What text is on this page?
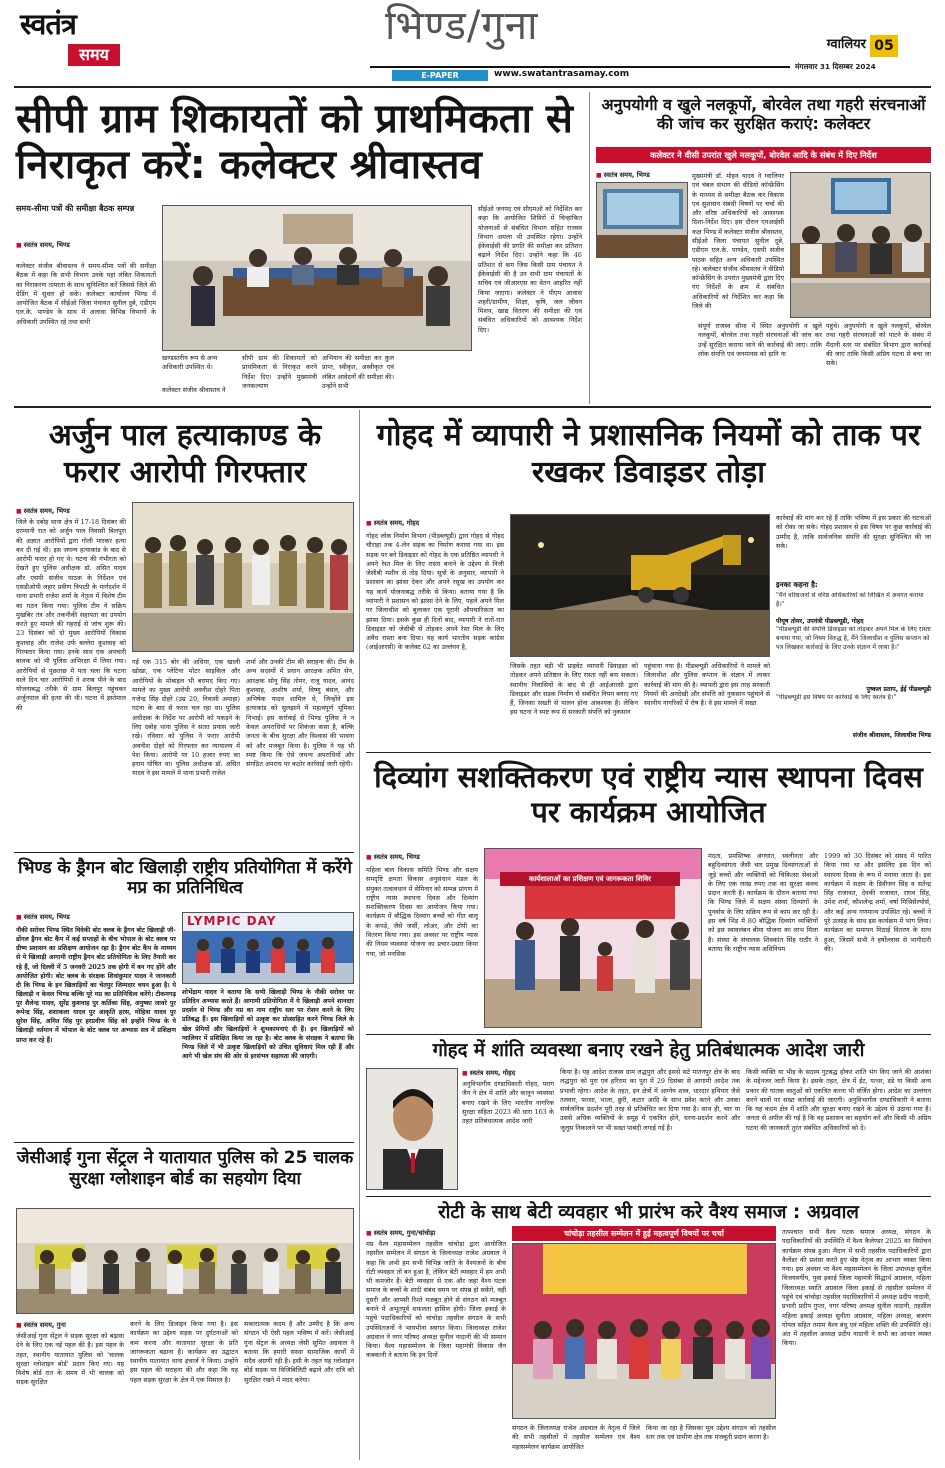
स्वतंत्र
समय
भिण्ड/गुना
E-PAPER	www.swatantrasamay.com
ग्वालियर 05
मंगलवार 31 दिसम्बर 2024
सीपी ग्राम शिकायतों को प्राथमिकता से निराकृत करें: कलेक्टर श्रीवास्तव
समय-सीमा पत्रों की समीक्षा बैठक सम्पन्न
■ स्वतंत्र समय, भिण्ड
कलेक्टर संजीव श्रीवास्तव ने समय-सीमा पत्रों की समीक्षा बैठक में कहा कि सभी विभाग उनके यहां लंबित शिकायतों का निराकरण तत्परता के साथ सुनिश्चित करें जिससे जिले की ग्रेडिंग में सुधार हो सके। कलेक्टर कार्यालय भिण्ड में आयोजित बैठक में सीईओ जिला पंचायत सुनील दुबे, एडीएम एल.के. पाण्डेय के साथ में अलावा विभिन्न विभागों के अधिकारी उपस्थित रहे तथा सभी
खण्डस्तरीय रूप से अन्य अधिकारी उपस्थित थे।
कलेक्टर संजीव श्रीवास्तव ने
सीपी ग्राम की शिकायतों को प्राथमिकता से निराकृत करने निर्देश दिए। उन्होंने मुख्यमंत्री जनकल्याण
अभियान की समीक्षा कर कुल प्राप्त, स्वीकृत, अस्वीकृत एवं लंबित आवेदनों की समीक्षा की। उन्होंने सभी
सीईओ जनपद एवं सीएमओ को निर्देशित कर कहा कि आयोजित शिविरों में चिन्हांकित योजनाओं से संबंधित विभाग सहित राजस्व विभाग अमला भी उपस्थित रहेगा। उन्होंने ईकेवाईसी की प्रगति की समीक्षा कर प्रतिशत बढ़ाने निर्देश दिए। उन्होंने कहा कि 46 प्रतिशत से कम जिस किसी ग्राम पंचायत ने ईकेवाईसी की है उन सभी ग्राम पंचायतों के सचिव एवं जीआरएस का वेतन आहरित नहीं किया जाएगा। कलेक्टर ने पीएम आवास शहरी/ग्रामीण, शिक्षा, कृषि, जल जीवन मिशन, खाद्य वितरण की समीक्षा की एवं संबंधित अधिकारियों को आवश्यक निर्देश दिए।
अनुपयोगी व खुले नलकूपों, बोरवेल तथा गहरी संरचनाओं की जांच कर सुरक्षित कराएं: कलेक्टर
कलेक्टर ने वीसी उपरांत खुले नलकूपों, बोरवेल आदि के संबंध में दिए निर्देश
■ स्वतंत्र समय, भिण्ड	मुख्यमंत्री डॉ. मोहन यादव ने ग्वालियर एवं चंबल संभाग की वीडियो कॉन्फ्रेंसिंग के माध्यम से समीक्षा बैठक कर विकास एवं सुशासन संबंधी विषयों पर चर्चा की और वरिष्ठ अधिकारियों को आवश्यक दिशा-निर्देश दिए। इस दौरान एनआईसी कक्ष भिण्ड में कलेक्टर संजीव श्रीवास्तव, सीईओ जिला पंचायत सुनील दुबे, एडीएम एल.के. पाण्डेय, एसपी संजीव पाठक सहित अन्य अधिकारी उपस्थित रहे। कलेक्टर संजीव श्रीवास्तव ने वीडियो कॉन्फ्रेंसिंग के उपरांत मुख्यमंत्री द्वारा दिए गए निर्देशों के क्रम में संबंधित अधिकारियों को निर्देशित कर कहा कि जिले की
संपूर्ण राजस्व सीमा में स्थित अनुपयोगी व खुले नलकूपों, बोरवेल तथा गहरी संरचनाओं की जांच कर उन्हें सुरक्षित कराया जाने की कार्रवाई की जाए। ताकि लोक संपत्ति एवं जनमानस को हानि ना
पहुंचे। अनुपयोगी व खुले नलकूपों, बोरवेल तथा गहरी संरचनाओं को पाटने के संबंध में मैदानी स्तर पर संबंधित विभाग द्वारा कार्रवाई की जाए ताकि किसी अप्रिय घटना से बचा जा सके।
अर्जुन पाल हत्याकाण्ड के फरार आरोपी गिरफ्तार
■ स्वतंत्र समय, भिण्ड
जिले के दबोह थाना क्षेत्र में 17-18 दिसंबर की दरम्यानी रात को अर्जुन पाल निवासी बिलपुरा की अज्ञात आरोपियों द्वारा गोली मारकर हत्या कर दी गई थी। इस जघन्य हत्याकांड के बाद से आरोपी फरार हो गए थे। घटना की गंभीरता को देखते हुए पुलिस अधीक्षक डॉ. असित यादव और एसपी संजीव पाठक के निर्देशन एवं एसडीओपी लहार प्रवीण त्रिपाठी के मार्गदर्शन में थाना प्रभारी राजेश शर्मा के नेतृत्व में विशेष टीम का गठन किया गया। पुलिस टीम ने सक्रिय मुखबिर तंत्र और तकनीकी सहायता का उपयोग करते हुए मामले की गहराई से जांच शुरू की। 23 दिसंबर को दो मुख्य आरोपियों विकास कुशवाह और राजेश उर्फ बल्लेरा कुशवाह को गिरफ्तार किया गया। इनके साथ एक अपचारी बालक को भी पुलिस अभिरक्षा में लिया गया। आरोपियों से पूछताछ में पता चला कि घटना वाले दिन चार आरोपियों ने शराब पीने के बाद योजनाबद्ध तरीके से ग्राम बिलपुर पहुंचकर अर्जुनपाल की हत्या की थी। घटना में इस्तेमाल की
गई एक 315 बोर की अधिया, एक खाली खोखा, एक प्लेटिना मोटर साइकिल और आरोपियों के मोबाइल भी बरामद किए गए। मामले का मुख्य आरोपी अवनीश दोहरे पिता गजेन्द्र सिंह दोहरे (उम्र 20, निवासी अमाहा) घटना के बाद से फरार चल रहा था। पुलिस अधीक्षक के निर्देश पर आरोपी को पकड़ने के लिए दबोह थाना पुलिस ने सतत प्रयास जारी रखे। रविवार को पुलिस ने फरार आरोपी अवनीश दोहरे को गिरफ्तार कर न्यायालय में पेश किया। आरोपी पर 10 हजार रुपए का इनाम घोषित था। पुलिस अधीक्षक डॉ. असित यादव ने इस मामले में थाना प्रभारी राजेश
शर्मा और उनकी टीम की सराहना की। टीम के अन्य सदस्यों में प्रधान आरक्षक अमित सेन, आरक्षक सोनू सिंह तोमर, राजू यादव, आनंद कुशवाह, आशीष शर्मा, विष्णु बंसल, और अभिषेक यादव शामिल थे, जिन्होंने इस हत्याकांड को सुलझाने में महत्वपूर्ण भूमिका निभाई। इस कार्रवाई से भिण्ड पुलिस ने न केवल अपराधियों पर शिकंजा कसा है, बल्कि जनता के बीच सुरक्षा और विश्वास की भावना को और मजबूत किया है। पुलिस ने यह भी स्पष्ट किया कि ऐसे जघन्य अपराधियों और संगठित अपराध पर कठोर कार्रवाई जारी रहेगी।
गोहद में व्यापारी ने प्रशासनिक नियमों को ताक पर रखकर डिवाइडर तोड़ा
■ स्वतंत्र समय, गोहद
गोहद लोक निर्माण विभाग (पीडब्ल्यूडी) द्वारा गोहद से गोहद चौराहा तक 4-लेन सड़क का निर्माण कराया गया था। इस सड़क पर बने डिवाइडर को गोहद के एक प्रतिष्ठित व्यापारी ने अपने रेस्त मिल के लिए रास्ता बनाने के उद्देश्य से निजी जेसीबी मशीन से तोड़ दिया। सूत्रों के अनुसार, व्यापारी ने प्रशासन का झांसा देकर और अपने रसूख का उपयोग कर यह कार्य योजनाबद्ध तरीके से किया। बताया गया है कि व्यापारी ने प्रशासन को झांसा देने के लिए, पहले अपने मिल पर जिलाधीश को बुलाकर एक पूरानी औपचारिकता का झांसा दिया। इसके कुछ ही दिनों बाद, व्यापारी ने रातों-रात डिवाइडर को जेसीबी से तोड़कर अपने रेस्त मिल के लिए अवैध रास्ता बना दिया। यह कार्य भारतीय सड़क कांग्रेस (आईआरसी) के कलेक्ट 62 का उल्लंघन है,
जिसके तहत बड़ी भी प्राइवेट व्यापारी डिवाइडर को तोड़कर अपने प्रतिष्ठान के लिए रास्ता नहीं बना सकता। स्थानीय निवासियों के बाद से ही आईआरसी द्वारा डिवाइडर और सड़क निर्माण से संबंधित नियम बनाए गए हैं, जिनका सख्ती से पालन होना आवश्यक है। लेकिन इस घटना ने स्पष्ट रूप से सरकारी संपत्ति को नुकसान
पहुंचाया गया है। पीडब्ल्यूडी अधिकारियों ने मामले को जिलाधीश और पुलिस कप्तान के संज्ञान में लाकर कार्रवाई की मांग की है। व्यापारी द्वारा इस तरह सरकारी नियमों की अनदेखी और संपत्ति को नुकसान पहुंचाने से स्थानीय नागरिकों में रोष है। वे इस मामले में सख्त
कार्रवाई की मांग कर रहे हैं ताकि भविष्य में इस प्रकार की घटनाओं को रोका जा सके। गोहद प्रशासन से इस विषय पर कुछ कार्रवाई की उम्मीद है, ताकि सार्वजनिक संपत्ति की सुरक्षा सुनिश्चित की जा सके।
इनका कहना है:
"मैंने वरिष्ठजनों से वरिष्ठ अधिकारियों को लिखित में अवगत कराया है।"
पीयूष तोमर, उपयंत्री पीडब्ल्यूडी, गोहद
"पीडब्ल्यूडी की संपत्ति डिवाइडर को तोड़कर अपने मिल के लिए रास्ता बनाया गया, जो नियम विरुद्ध है, मैंने जिलाधीश व पुलिस कप्तान को पत्र लिखकर कार्रवाई के लिए उनके संज्ञान में लाया है।"
पुष्कल प्रताप, ईई पीडब्ल्यूडी
"पीडब्ल्यूडी इस विषय पर कार्रवाई के लिए स्वतंत्र है।"
संजीव श्रीवास्तव, जिलाधीश भिण्ड
दिव्यांग सशक्तिकरण एवं राष्ट्रीय न्यास स्थापना दिवस पर कार्यक्रम आयोजित
■ स्वतंत्र समय, भिण्ड
महिला बाल विकास समिति भिण्ड और सक्षम समदृष्टि क्षमता विकास अनुसंधान मंडल के संयुक्त तत्वावधान में सेमिनार को सम्पन्न प्रांगण में राष्ट्रीय न्यास स्थापना दिवस और दिव्यांग सशक्तिकरण दिवस का आयोजन किया गया। कार्यक्रम में बौद्धिक दिव्यांग बच्चों को गीत बालू के कपड़े, जैसे जर्सी, लोअर, और टोपी का वितरण किया गया। इस अवसर पर राष्ट्रीय न्यास की नियम व्यवस्था योजना का प्रचार-प्रसार किया गया, जो मनसिक
कार्यशालाओं का प्रशिक्षण एवं जागरूकता शिविर
मंदता, प्रमस्तिष्क अंगघात, स्वलीनता और बहुदिव्यांगता जैसी चार प्रमुख दिव्यांगताओं से जुड़े बच्चों और व्यक्तियों को चिकित्सा सेवाओं के लिए एक लाख रुपए तक का सुरक्षा कवच प्रदान करती है। कार्यक्रम के दौरान बताया गया कि भिण्ड जिले में सक्षम संस्था दिव्यांगों के पुनर्वास के लिए सक्रिय रूप से काम कर रही है। इस वर्ष भिंड में 80 बौद्धिक दिव्यांग व्यक्तियों को इस स्वावलंबन बीमा योजना का लाभ मिला है। संस्था के संचालक शिवकांत सिंह राठौर ने बताया कि राष्ट्रीय न्यास अधिनियम
1999 को 30 दिसंबर को संसद में पारित किया गया था और इसलिए इस दिन को स्थापना दिवस के रूप में मनाया जाता है। इस कार्यक्रम में सक्षम के डिवीजन सिंह व सतेन्द्र सिंह राजावत, देवकी राजावत, राघव सिंह, उमेश शर्मा, कौशलेन्द्र शर्मा, वर्षा मिश्रिसेल्पोर्स, और कई अन्य गणमान्य उपस्थित रहे। बच्चों ने पूरे उत्साह के साथ इस कार्यक्रम में भाग लिया। कार्यक्रम का समापन मिठाई वितरण के साथ हुआ, जिसमें सभी ने हर्षोल्लास से भागीदारी की।
भिण्ड के ड्रैगन बोट खिलाड़ी राष्ट्रीय प्रतियोगिता में करेंगे मप्र का प्रतिनिधित्व
■ स्वतंत्र समय, भिण्ड
नौकी सरोवर भिण्ड स्थित विवेकी बोट क्लब के ड्रैगन बोट खिलाड़ी जी-डोंगल ड्रैगन बोट कैंप में कई सप्ताहों के बीच भोपाल के बोट क्लब पर ग्रीष्म प्रशासन का प्रशिक्षण आयोजन रहा है। ड्रैगन बोट कैंप के माध्यम से ये खिलाड़ी आगामी राष्ट्रीय ड्रैगन बोट प्रतियोगिता के लिए तैयारी कर रहे हैं, जो दिल्ली में 5 जनवरी 2025 तक होगी में बन गए होंगे और आयोजित होगी। बोट क्लब के संरक्षक शिवांकुमार यादव ने जानकारी दी कि भिण्ड के इन खिलाड़ियों का चेतपुर जिम्मदार चयन हुआ है। ये खिलाड़ी न केवल भिण्ड बल्कि पूरे मप्र का प्रतिनिधित्व करेंगे। टीकमगढ़ पुर शैलेन्द्र यादव, सुरेंद्र कुशवाह पुर कर्तिका सिंह, अनुष्का जावरे पुर रूपेन्द्र सिंह, शशाकला यादव पुर आकृति हरस, मोहित्रा यादव पुर सुरेश सिंह, अमित सिंह पुर हरप्रवीण सिंह को इन्होंने भिण्ड के ये खिलाड़ी वर्तमान में भोपाल के बोट क्लब पर अभ्यास सत्र में प्रशिक्षण प्राप्त कर रहे हैं।
LYMPIC DAY
शोभेंद्राम यादव ने बताया कि सभी खिलाड़ी भिण्ड के नौकी सरोवर पर प्रतिदिन अभ्यास करते हैं। आगामी प्रतियोगिता में ये खिलाड़ी अपने शानदार प्रदर्शन से भिण्ड और मप्र का नाम राष्ट्रीय स्तर पर रोशन करने के लिए प्रतिबद्ध हैं। इस खिलाड़ियों को उत्कृष्ट कर प्रोत्साहित करने भिण्ड जिले के खेल प्रेमियों और खिलाड़ियों ने शुभकामनाएं दी हैं। इन खिलाड़ियों को ग्वालियर में प्रशिक्षित किया जा रहा है। बोट क्लब के संरक्षक ने बताया कि भिण्ड जिले में भी उत्कृष्ट खिलाड़ियों को उचित सुविधाएं मिल रही हैं और आगे भी खेल संघ की ओर से हरसंभव सहायता की जाएगी।
जेसीआई गुना सेंट्रल ने यातायात पुलिस को 25 चालक सुरक्षा ग्लोशाइन बोर्ड का सहयोग दिया
■ स्वतंत्र समय, गुना
जेसीआई गुना सेंट्रल ने सड़क सुरक्षा को बढ़ावा देने के लिए एक नई पहल की है। इस पहल के तहत, स्थानीय यातायात पुलिस को 'चालक सुरक्षा ग्लोशाइन बोर्ड' प्रदान किए गए। यह विशेष बोर्ड रात के समय में भी चालक को सड़क सुरक्षित
करने के लिए डिजाइन किया गया है। इस कार्यक्रम का उद्देश्य सड़क पर दुर्घटनाओं को कम करना और यातायात सुरक्षा के प्रति जागरूकता बढ़ाना है। कार्यक्रम का उद्घाटन स्थानीय यातायात थाना इंचार्ज ने किया। उन्होंने इस पहल की सराहना की और कहा कि यह पहल सड़क सुरक्षा के क्षेत्र में एक मिसाल है।
सकारात्मक कदम है और उम्मीद है कि अन्य संगठन भी ऐसी पहल भविष्य में करें। जेसीआई गुना सेंट्रल के अध्यक्ष जेसी सुमित अग्रवाल ने बताया कि हमारी संस्था सामाजिक कार्यों में सदैव अग्रणी रही है। इसी के तहत यह ग्लोशाइन बोर्ड सड़क पर विजिबिलिटी बढ़ाने और रात्रि को सुरक्षित रखने में मदद करेगा।
गोहद में शांति व्यवस्था बनाए रखने हेतु प्रतिबंधात्मक आदेश जारी
■ स्वतंत्र समय, गोहद
अनुविभागीय दण्डाधिकारी गोहद, पराग जैन ने क्षेत्र में शांति और कानून व्यवस्था बनाए रखने के लिए भारतीय नागरिक सुरक्षा संहिता 2023 की धारा 163 के तहत प्रतिबंधात्मक आदेश जारी
किया है। यह आदेश राजस्व ग्राम लद्धपुरा और इससे सटे मातनपुर क्षेत्र के बाद लद्धपुरा को पुरा एवं हरिराम का पुरा में 29 दिसंबर से आगामी आदेश तक प्रभावी रहेगा। आदेश के तहत, इन क्षेत्रों में आग्नेय शस्त्र, धारदार हथियार जैसे तलवार, फरसा, भाला, छुरी, कटार आदि के साथ प्रवेश करने और उनका सार्वजनिक प्रदर्शन पूरी तरह से प्रतिबंधित कर दिया गया है। साथ ही, चार या उससे अधिक व्यक्तियों के समूह में एकत्रित होने, धरना-प्रदर्शन करने और जुलूस निकालने पर भी सख्त पाबंदी लगाई गई है।
किसी व्यक्ति या भीड़ के सदस्य गुटबद्ध होकर शांति भंग किए जाने की आशंका के मद्देनजर जारी किया है। इसके तहत, क्षेत्र में ईंट, पत्थर, डंडे या किसी अन्य प्रकार की घातक वस्तुओं को एकत्रित करना भी वर्जित होगा। आदेश का उल्लंघन करने वालों पर सख्त कार्रवाई की जाएगी। अनुविभागीय दण्डाधिकारी ने बताया कि यह कदम क्षेत्र में शांति और सुरक्षा बनाए रखने के उद्देश्य से उठाया गया है। जनता से अपील की गई है कि वह प्रशासन का सहयोग करें और किसी भी अप्रिय घटना की जानकारी तुरंत संबंधित अधिकारियों को दें।
रोटी के साथ बेटी व्यवहार भी प्रारंभ करे वैश्य समाज : अग्रवाल
■ स्वतंत्र समय, गुना/चांचोड़ा
मप्र वैश्य महासम्मेलन तहसील चांचोड़ा द्वारा आयोजित तहसील सम्मेलन में संगठन के जिलाध्यक्ष राजेश अग्रवाल ने कहा कि अभी हम सभी विभिन्न जाति के वैश्यजनों के बीच रोटी व्यवहार तो बन हुआ है, लेकिन बेटी व्यवहार में हम अभी भी कमजोर हैं। बेटी व्यवहार से एक और जहां वैश्य घटक समाज के बच्चों के शादी संबंध समय पर संपन्न हो सकेंगे, वहीं दूसरी और आपसी रिश्ते मजबूत होने से संगठन को मजबूत बनाने में अभूतपूर्व सफलता हासिल होगी। जिला इकाई के पहुंचे पदाधिकारियों को चांचोड़ा तहसील संगठन के सभी उपस्थितजनों ने भावभीना स्वागत किया। जिलाध्यक्ष राजेश अग्रवाल ने नगर परिषद अध्यक्ष सुनील नादानी की भी सम्मान किया। वैश्य महासम्मेलन के जिला महामंत्री विकास जैन कक्कानी ने बताया कि इन दिनों
चांचोड़ा तहसील सम्मेलन में हुई महत्वपूर्ण विषयों पर चर्चा
संगठन के जिलाध्यक्ष राजेश अग्रवाल के नेतृत्व में जिले की सभी तहसीलों में तहसील सम्मेलन एवं वैश्य महासम्मेलन कार्यक्रम आयोजित
किया जा रहा है जिसका मूल उद्देश्य संगठन को तहसील स्तर तक एवं ग्रामीण क्षेत्र तक मजबूती प्रदान करना है।
तत्पश्चात सभी वैश्य घटक समाज अध्यक्ष, संगठन के पदाधिकारियों की उपस्थिति में वैश्य कैलेण्डर 2025 का विमोचन कार्यक्रम संपन्न हुआ। मैदान में सभी तहसील पदाधिकारियों द्वारा कैलेंडर की प्रशंसा करते हुए श्रेष्ठ नेतृत्व का आभार व्यक्त किया गया। इस अवसर पर वैश्य महासम्मेलन के जिला उपाध्यक्ष सुनील विजयवर्गीय, युवा इकाई जिला महामंत्री सिद्धार्थ अग्रवाल, महिला जिलाध्यक्ष स्वाति अग्रवाल जिला इकाई से तहसील सम्मेलन में पहुंचे एवं चांचोड़ा तहसील पदाधिकारियों में अध्यक्ष प्रदीप नादानी, प्रभारी प्रदीप गुप्ता, नगर परिषद अध्यक्ष सुनील नादानी, तहसील महिला इकाई अध्यक्ष सुनीता अग्रवाल, महिला अध्यक्ष, बजरंग गोयल सहित तमाम वैश्य बंधु एवं महिला शक्ति की उपस्थिति रहे। अंत में तहसील अध्यक्ष प्रदीप नादानी ने सभी का आभार व्यक्त किया।
